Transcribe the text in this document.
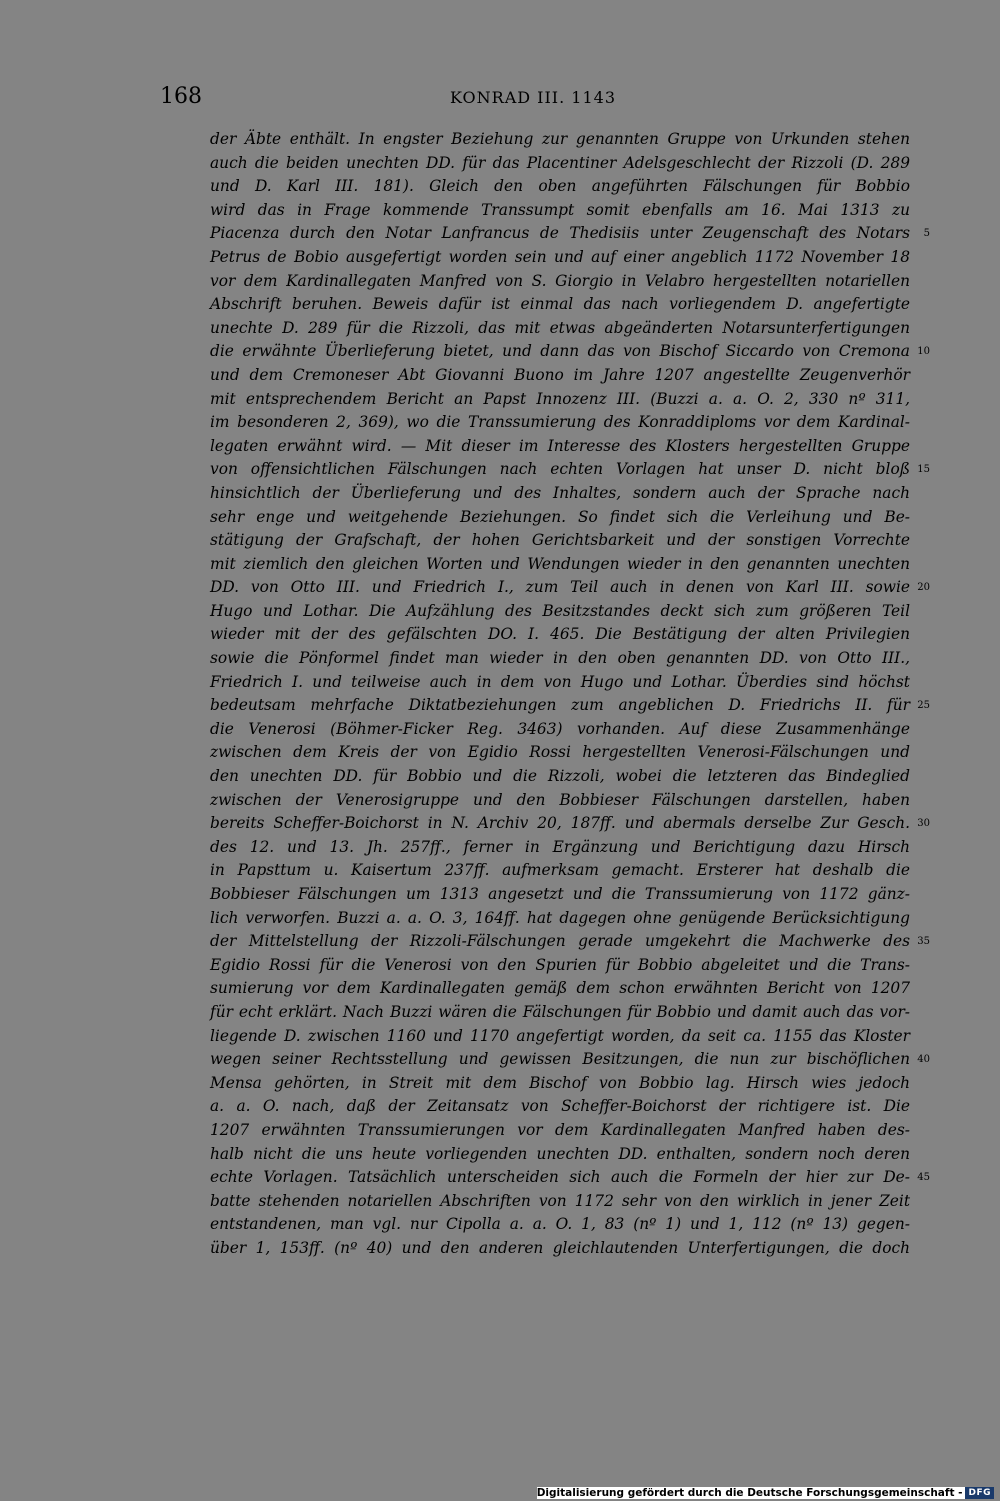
168	KONRAD III. 1143
der Äbte enthält. In engster Beziehung zur genannten Gruppe von Urkunden stehen
auch die beiden unechten DD. für das Placentiner Adelsgeschlecht der Rizzoli (D. 289
und D. Karl III. 181). Gleich den oben angeführten Fälschungen für Bobbio
wird das in Frage kommende Transsumpt somit ebenfalls am 16. Mai 1313 zu
Piacenza durch den Notar Lanfrancus de Thedisiis unter Zeugenschaft des Notars 5
Petrus de Bobio ausgefertigt worden sein und auf einer angeblich 1172 November 18
vor dem Kardinallegaten Manfred von S. Giorgio in Velabro hergestellten notariellen
Abschrift beruhen. Beweis dafür ist einmal das nach vorliegendem D. angefertigte
unechte D. 289 für die Rizzoli, das mit etwas abgeänderten Notarsunterfertigungen
die erwähnte Überlieferung bietet, und dann das von Bischof Siccardo von Cremona 10
und dem Cremoneser Abt Giovanni Buono im Jahre 1207 angestellte Zeugenverhör
mit entsprechendem Bericht an Papst Innozenz III. (Buzzi a. a. O. 2, 330 nº 311,
im besonderen 2, 369), wo die Transsumierung des Konraddiploms vor dem Kardinal-
legaten erwähnt wird. — Mit dieser im Interesse des Klosters hergestellten Gruppe
von offensichtlichen Fälschungen nach echten Vorlagen hat unser D. nicht bloß 15
hinsichtlich der Überlieferung und des Inhaltes, sondern auch der Sprache nach
sehr enge und weitgehende Beziehungen. So findet sich die Verleihung und Be-
stätigung der Grafschaft, der hohen Gerichtsbarkeit und der sonstigen Vorrechte
mit ziemlich den gleichen Worten und Wendungen wieder in den genannten unechten
DD. von Otto III. und Friedrich I., zum Teil auch in denen von Karl III. sowie 20
Hugo und Lothar. Die Aufzählung des Besitzstandes deckt sich zum größeren Teil
wieder mit der des gefälschten DO. I. 465. Die Bestätigung der alten Privilegien
sowie die Pönformel findet man wieder in den oben genannten DD. von Otto III.,
Friedrich I. und teilweise auch in dem von Hugo und Lothar. Überdies sind höchst
bedeutsam mehrfache Diktatbeziehungen zum angeblichen D. Friedrichs II. für 25
die Venerosi (Böhmer-Ficker Reg. 3463) vorhanden. Auf diese Zusammenhänge
zwischen dem Kreis der von Egidio Rossi hergestellten Venerosi-Fälschungen und
den unechten DD. für Bobbio und die Rizzoli, wobei die letzteren das Bindeglied
zwischen der Venerosigruppe und den Bobbieser Fälschungen darstellen, haben
bereits Scheffer-Boichorst in N. Archiv 20, 187ff. und abermals derselbe Zur Gesch. 30
des 12. und 13. Jh. 257ff., ferner in Ergänzung und Berichtigung dazu Hirsch
in Papsttum u. Kaisertum 237ff. aufmerksam gemacht. Ersterer hat deshalb die
Bobbieser Fälschungen um 1313 angesetzt und die Transsumierung von 1172 gänz-
lich verworfen. Buzzi a. a. O. 3, 164ff. hat dagegen ohne genügende Berücksichtigung
der Mittelstellung der Rizzoli-Fälschungen gerade umgekehrt die Machwerke des 35
Egidio Rossi für die Venerosi von den Spurien für Bobbio abgeleitet und die Trans-
sumierung vor dem Kardinallegaten gemäß dem schon erwähnten Bericht von 1207
für echt erklärt. Nach Buzzi wären die Fälschungen für Bobbio und damit auch das vor-
liegende D. zwischen 1160 und 1170 angefertigt worden, da seit ca. 1155 das Kloster
wegen seiner Rechtsstellung und gewissen Besitzungen, die nun zur bischöflichen 40
Mensa gehörten, in Streit mit dem Bischof von Bobbio lag. Hirsch wies jedoch
a. a. O. nach, daß der Zeitansatz von Scheffer-Boichorst der richtigere ist. Die
1207 erwähnten Transsumierungen vor dem Kardinallegaten Manfred haben des-
halb nicht die uns heute vorliegenden unechten DD. enthalten, sondern noch deren
echte Vorlagen. Tatsächlich unterscheiden sich auch die Formeln der hier zur De- 45
batte stehenden notariellen Abschriften von 1172 sehr von den wirklich in jener Zeit
entstandenen, man vgl. nur Cipolla a. a. O. 1, 83 (nº 1) und 1, 112 (nº 13) gegen-
über 1, 153ff. (nº 40) und den anderen gleichlautenden Unterfertigungen, die doch
Digitalisierung gefördert durch die Deutsche Forschungsgemeinschaft - DFG
